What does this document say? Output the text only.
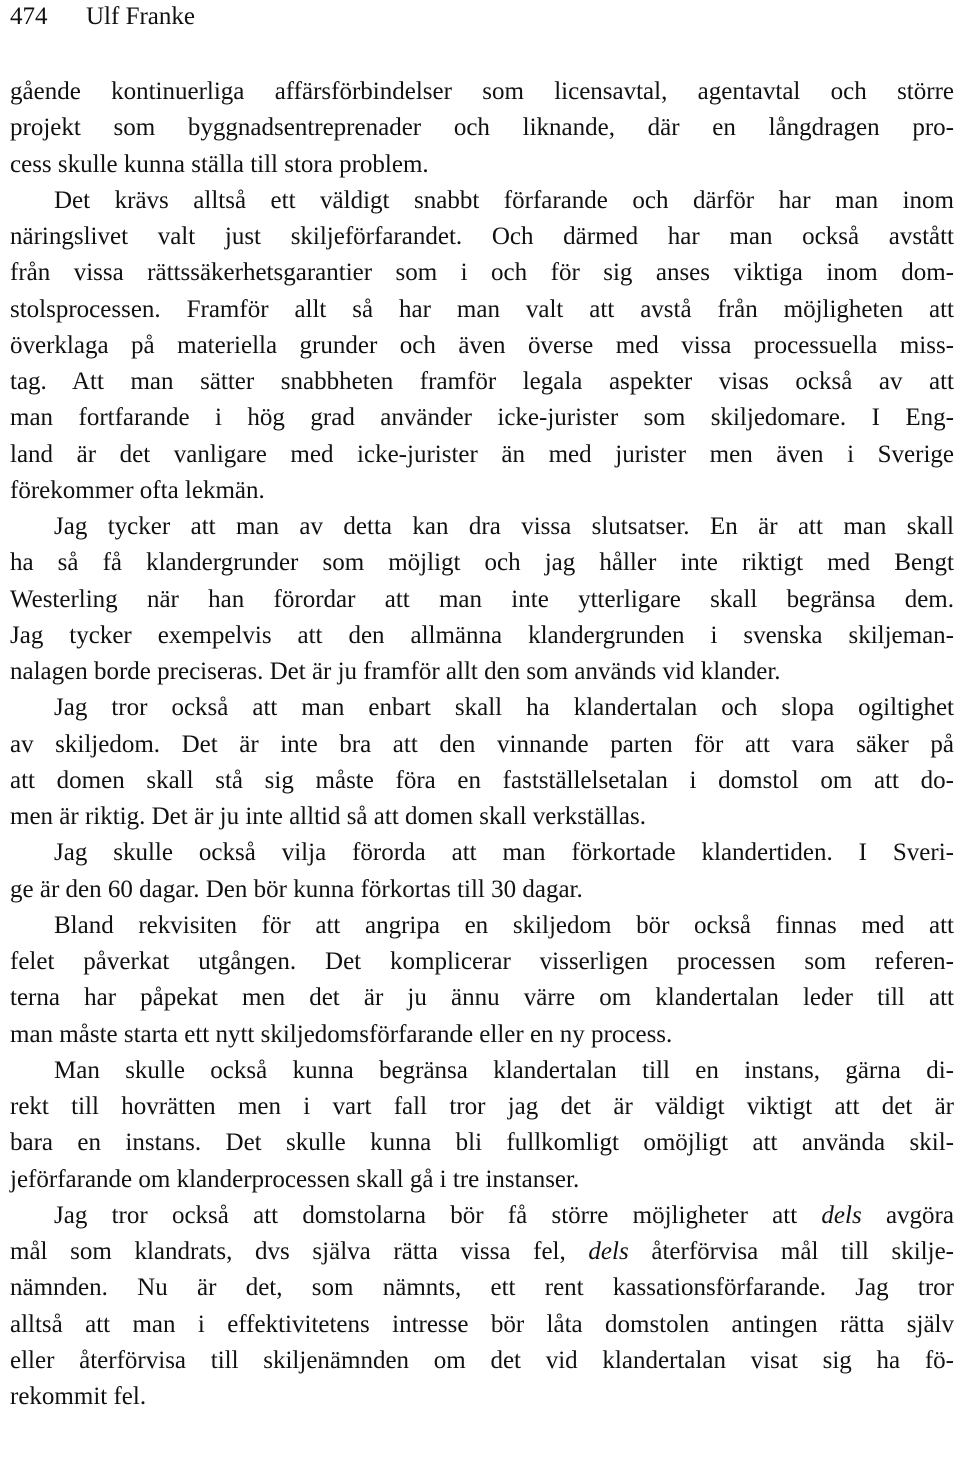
474 Ulf Franke
gående kontinuerliga affärsförbindelser som licensavtal, agentavtal och större
projekt som byggnadsentreprenader och liknande, där en långdragen pro-
cess skulle kunna ställa till stora problem.
Det krävs alltså ett väldigt snabbt förfarande och därför har man inom
näringslivet valt just skiljeförfarandet. Och därmed har man också avstått
från vissa rättssäkerhetsgarantier som i och för sig anses viktiga inom dom-
stolsprocessen. Framför allt så har man valt att avstå från möjligheten att
överklaga på materiella grunder och även överse med vissa processuella miss-
tag. Att man sätter snabbheten framför legala aspekter visas också av att
man fortfarande i hög grad använder icke-jurister som skiljedomare. I Eng-
land är det vanligare med icke-jurister än med jurister men även i Sverige
förekommer ofta lekmän.
Jag tycker att man av detta kan dra vissa slutsatser. En är att man skall
ha så få klandergrunder som möjligt och jag håller inte riktigt med Bengt
Westerling när han förordar att man inte ytterligare skall begränsa dem.
Jag tycker exempelvis att den allmänna klandergrunden i svenska skiljeman-
nalagen borde preciseras. Det är ju framför allt den som används vid klander.
Jag tror också att man enbart skall ha klandertalan och slopa ogiltighet
av skiljedom. Det är inte bra att den vinnande parten för att vara säker på
att domen skall stå sig måste föra en fastställelsetalan i domstol om att do-
men är riktig. Det är ju inte alltid så att domen skall verkställas.
Jag skulle också vilja förorda att man förkortade klandertiden. I Sveri-
ge är den 60 dagar. Den bör kunna förkortas till 30 dagar.
Bland rekvisiten för att angripa en skiljedom bör också finnas med att
felet påverkat utgången. Det komplicerar visserligen processen som referen-
terna har påpekat men det är ju ännu värre om klandertalan leder till att
man måste starta ett nytt skiljedomsförfarande eller en ny process.
Man skulle också kunna begränsa klandertalan till en instans, gärna di-
rekt till hovrätten men i vart fall tror jag det är väldigt viktigt att det är
bara en instans. Det skulle kunna bli fullkomligt omöjligt att använda skil-
jeförfarande om klanderprocessen skall gå i tre instanser.
Jag tror också att domstolarna bör få större möjligheter att dels avgöra
mål som klandrats, dvs själva rätta vissa fel, dels återförvisa mål till skilje-
nämnden. Nu är det, som nämnts, ett rent kassationsförfarande. Jag tror
alltså att man i effektivitetens intresse bör låta domstolen antingen rätta själv
eller återförvisa till skiljenämnden om det vid klandertalan visat sig ha fö-
rekommit fel.
